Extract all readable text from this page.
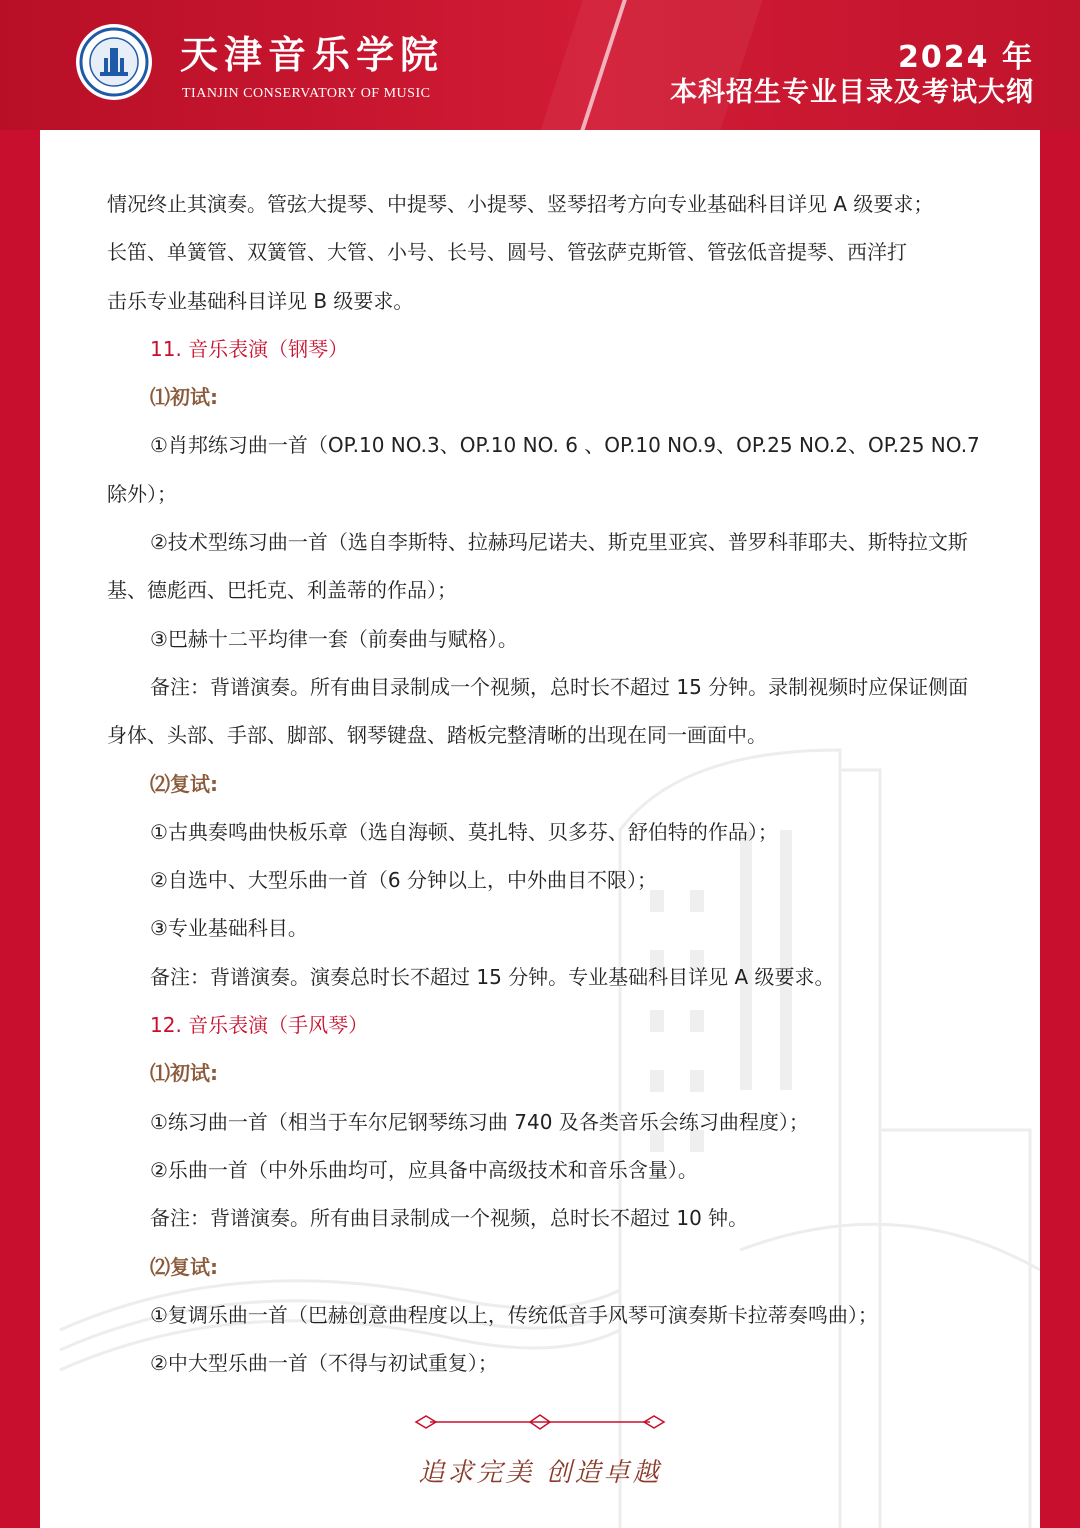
天津音乐学院
TIANJIN CONSERVATORY OF MUSIC
2024 年
本科招生专业目录及考试大纲

情况终止其演奏。管弦大提琴、中提琴、小提琴、竖琴招考方向专业基础科目详见 A 级要求；

长笛、单簧管、双簧管、大管、小号、长号、圆号、管弦萨克斯管、管弦低音提琴、西洋打

击乐专业基础科目详见 B 级要求。

11. 音乐表演（钢琴）

⑴初试:

①肖邦练习曲一首（OP.10 NO.3、OP.10 NO. 6 、OP.10 NO.9、OP.25 NO.2、OP.25 NO.7 除外）；

②技术型练习曲一首（选自李斯特、拉赫玛尼诺夫、斯克里亚宾、普罗科菲耶夫、斯特拉文斯基、德彪西、巴托克、利盖蒂的作品）；

③巴赫十二平均律一套（前奏曲与赋格）。

备注：背谱演奏。所有曲目录制成一个视频，总时长不超过 15 分钟。录制视频时应保证侧面身体、头部、手部、脚部、钢琴键盘、踏板完整清晰的出现在同一画面中。

⑵复试:

①古典奏鸣曲快板乐章（选自海顿、莫扎特、贝多芬、舒伯特的作品）；

②自选中、大型乐曲一首（6 分钟以上，中外曲目不限）；

③专业基础科目。

备注：背谱演奏。演奏总时长不超过 15 分钟。专业基础科目详见 A 级要求。

12. 音乐表演（手风琴）

⑴初试:

①练习曲一首（相当于车尔尼钢琴练习曲 740 及各类音乐会练习曲程度）；

②乐曲一首（中外乐曲均可，应具备中高级技术和音乐含量）。

备注：背谱演奏。所有曲目录制成一个视频，总时长不超过 10 钟。

⑵复试:

①复调乐曲一首（巴赫创意曲程度以上，传统低音手风琴可演奏斯卡拉蒂奏鸣曲）；

②中大型乐曲一首（不得与初试重复）；

追求完美 创造卓越
